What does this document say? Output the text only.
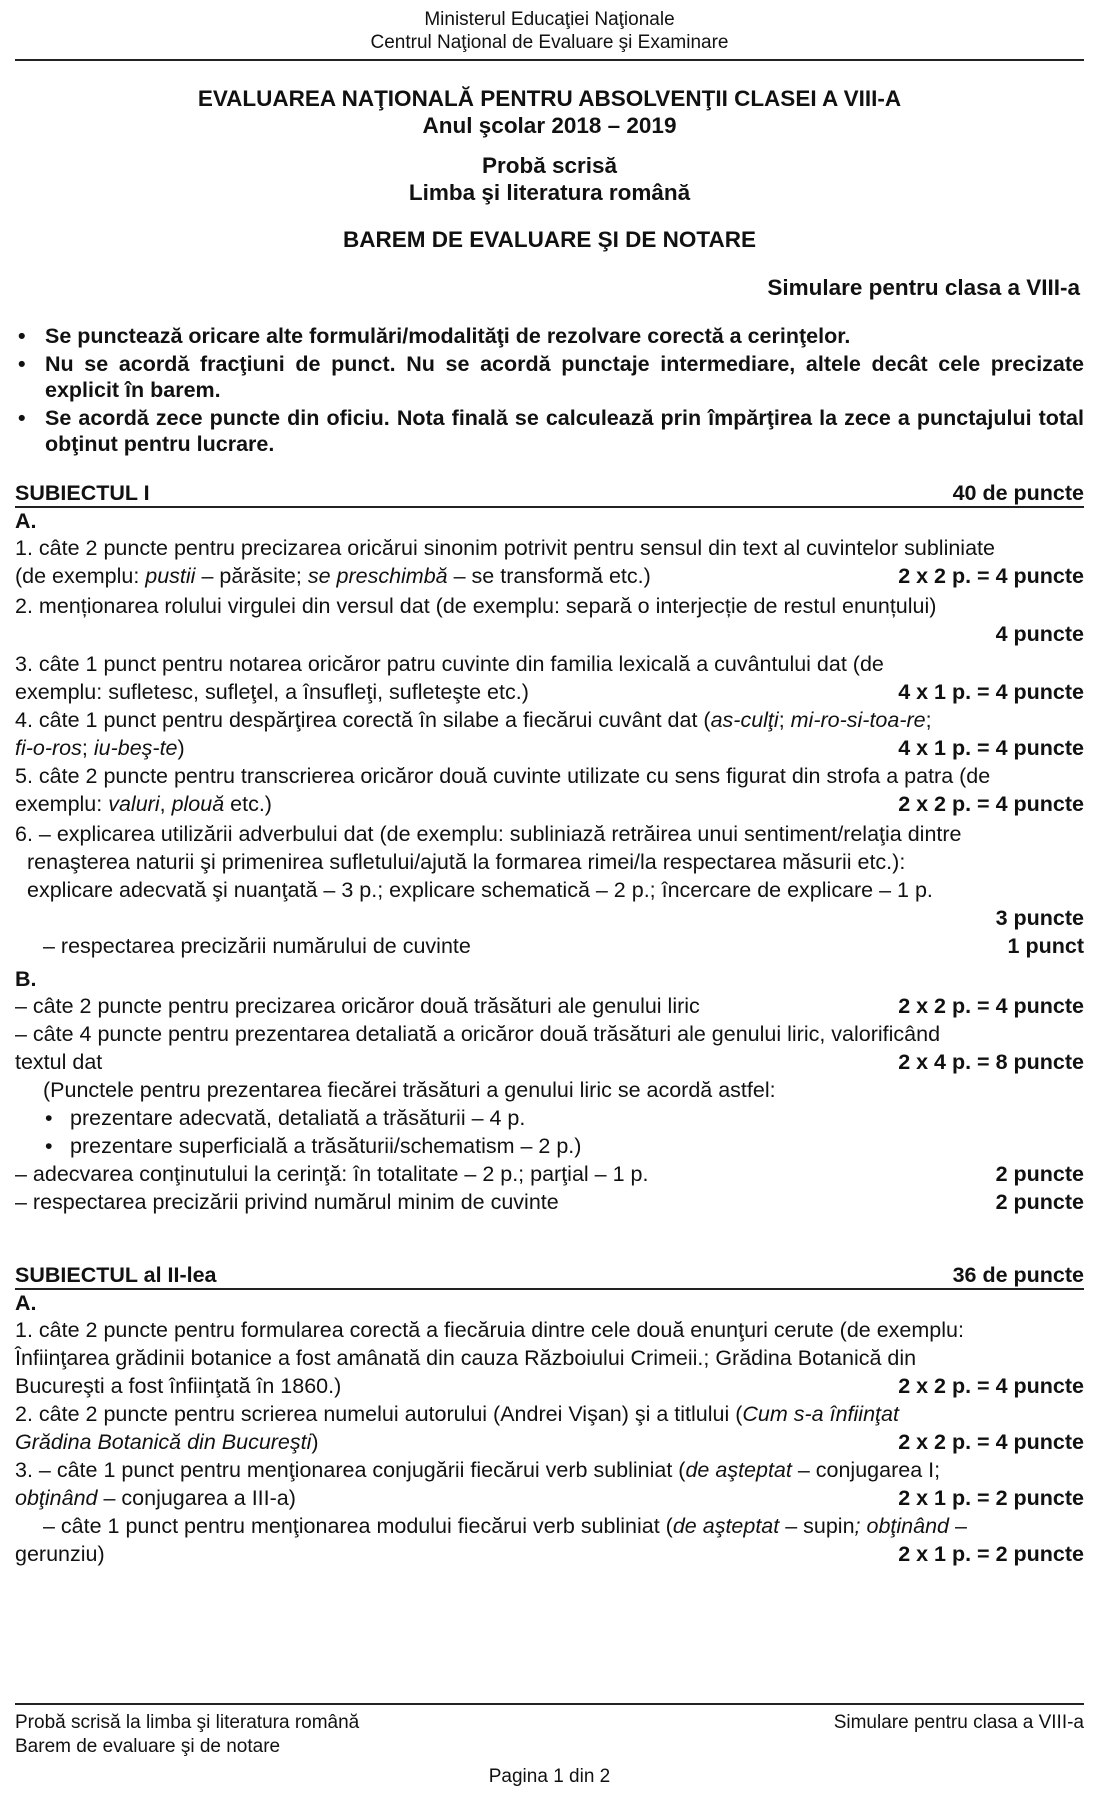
Ministerul Educaţiei Naţionale
Centrul Naţional de Evaluare şi Examinare
EVALUAREA NAŢIONALĂ PENTRU ABSOLVENŢII CLASEI A VIII-A
Anul şcolar 2018 – 2019
Probă scrisă
Limba şi literatura română
BAREM DE EVALUARE ŞI DE NOTARE
Simulare pentru clasa a VIII-a
• Se punctează oricare alte formulări/modalităţi de rezolvare corectă a cerinţelor.
• Nu se acordă fracţiuni de punct. Nu se acordă punctaje intermediare, altele decât cele precizate explicit în barem.
• Se acordă zece puncte din oficiu. Nota finală se calculează prin împărţirea la zece a punctajului total obţinut pentru lucrare.
SUBIECTUL I	40 de puncte
A.
1. câte 2 puncte pentru precizarea oricărui sinonim potrivit pentru sensul din text al cuvintelor subliniate
(de exemplu: pustii – părăsite; se preschimbă – se transformă etc.)	2 x 2 p. = 4 puncte
2. menționarea rolului virgulei din versul dat (de exemplu: separă o interjecție de restul enunțului)
4 puncte
3. câte 1 punct pentru notarea oricăror patru cuvinte din familia lexicală a cuvântului dat (de
exemplu: sufletesc, sufleţel, a însufleţi, sufleteşte etc.)	4 x 1 p. = 4 puncte
4. câte 1 punct pentru despărţirea corectă în silabe a fiecărui cuvânt dat (as-culţi; mi-ro-si-toa-re;
fi-o-ros; iu-beş-te)	4 x 1 p. = 4 puncte
5. câte 2 puncte pentru transcrierea oricăror două cuvinte utilizate cu sens figurat din strofa a patra (de
exemplu: valuri, plouă etc.)	2 x 2 p. = 4 puncte
6. – explicarea utilizării adverbului dat (de exemplu: subliniază retrăirea unui sentiment/relaţia dintre
renaşterea naturii şi primenirea sufletului/ajută la formarea rimei/la respectarea măsurii etc.):
explicare adecvată şi nuanţată – 3 p.; explicare schematică – 2 p.; încercare de explicare – 1 p.
3 puncte
– respectarea precizării numărului de cuvinte	1 punct
B.
– câte 2 puncte pentru precizarea oricăror două trăsături ale genului liric	2 x 2 p. = 4 puncte
– câte 4 puncte pentru prezentarea detaliată a oricăror două trăsături ale genului liric, valorificând
textul dat	2 x 4 p. = 8 puncte
(Punctele pentru prezentarea fiecărei trăsături a genului liric se acordă astfel:
• prezentare adecvată, detaliată a trăsăturii – 4 p.
• prezentare superficială a trăsăturii/schematism – 2 p.)
– adecvarea conţinutului la cerinţă: în totalitate – 2 p.; parţial – 1 p.	2 puncte
– respectarea precizării privind numărul minim de cuvinte	2 puncte
SUBIECTUL al II-lea	36 de puncte
A.
1. câte 2 puncte pentru formularea corectă a fiecăruia dintre cele două enunţuri cerute (de exemplu:
Înfiinţarea grădinii botanice a fost amânată din cauza Războiului Crimeii.; Grădina Botanică din
Bucureşti a fost înfiinţată în 1860.)	2 x 2 p. = 4 puncte
2. câte 2 puncte pentru scrierea numelui autorului (Andrei Vişan) şi a titlului (Cum s-a înfiinţat
Grădina Botanică din Bucureşti)	2 x 2 p. = 4 puncte
3. – câte 1 punct pentru menţionarea conjugării fiecărui verb subliniat (de aşteptat – conjugarea I;
obţinând – conjugarea a III-a)	2 x 1 p. = 2 puncte
– câte 1 punct pentru menţionarea modului fiecărui verb subliniat (de aşteptat – supin; obţinând –
gerunziu)	2 x 1 p. = 2 puncte
Probă scrisă la limba şi literatura română	Simulare pentru clasa a VIII-a
Barem de evaluare şi de notare
Pagina 1 din 2
